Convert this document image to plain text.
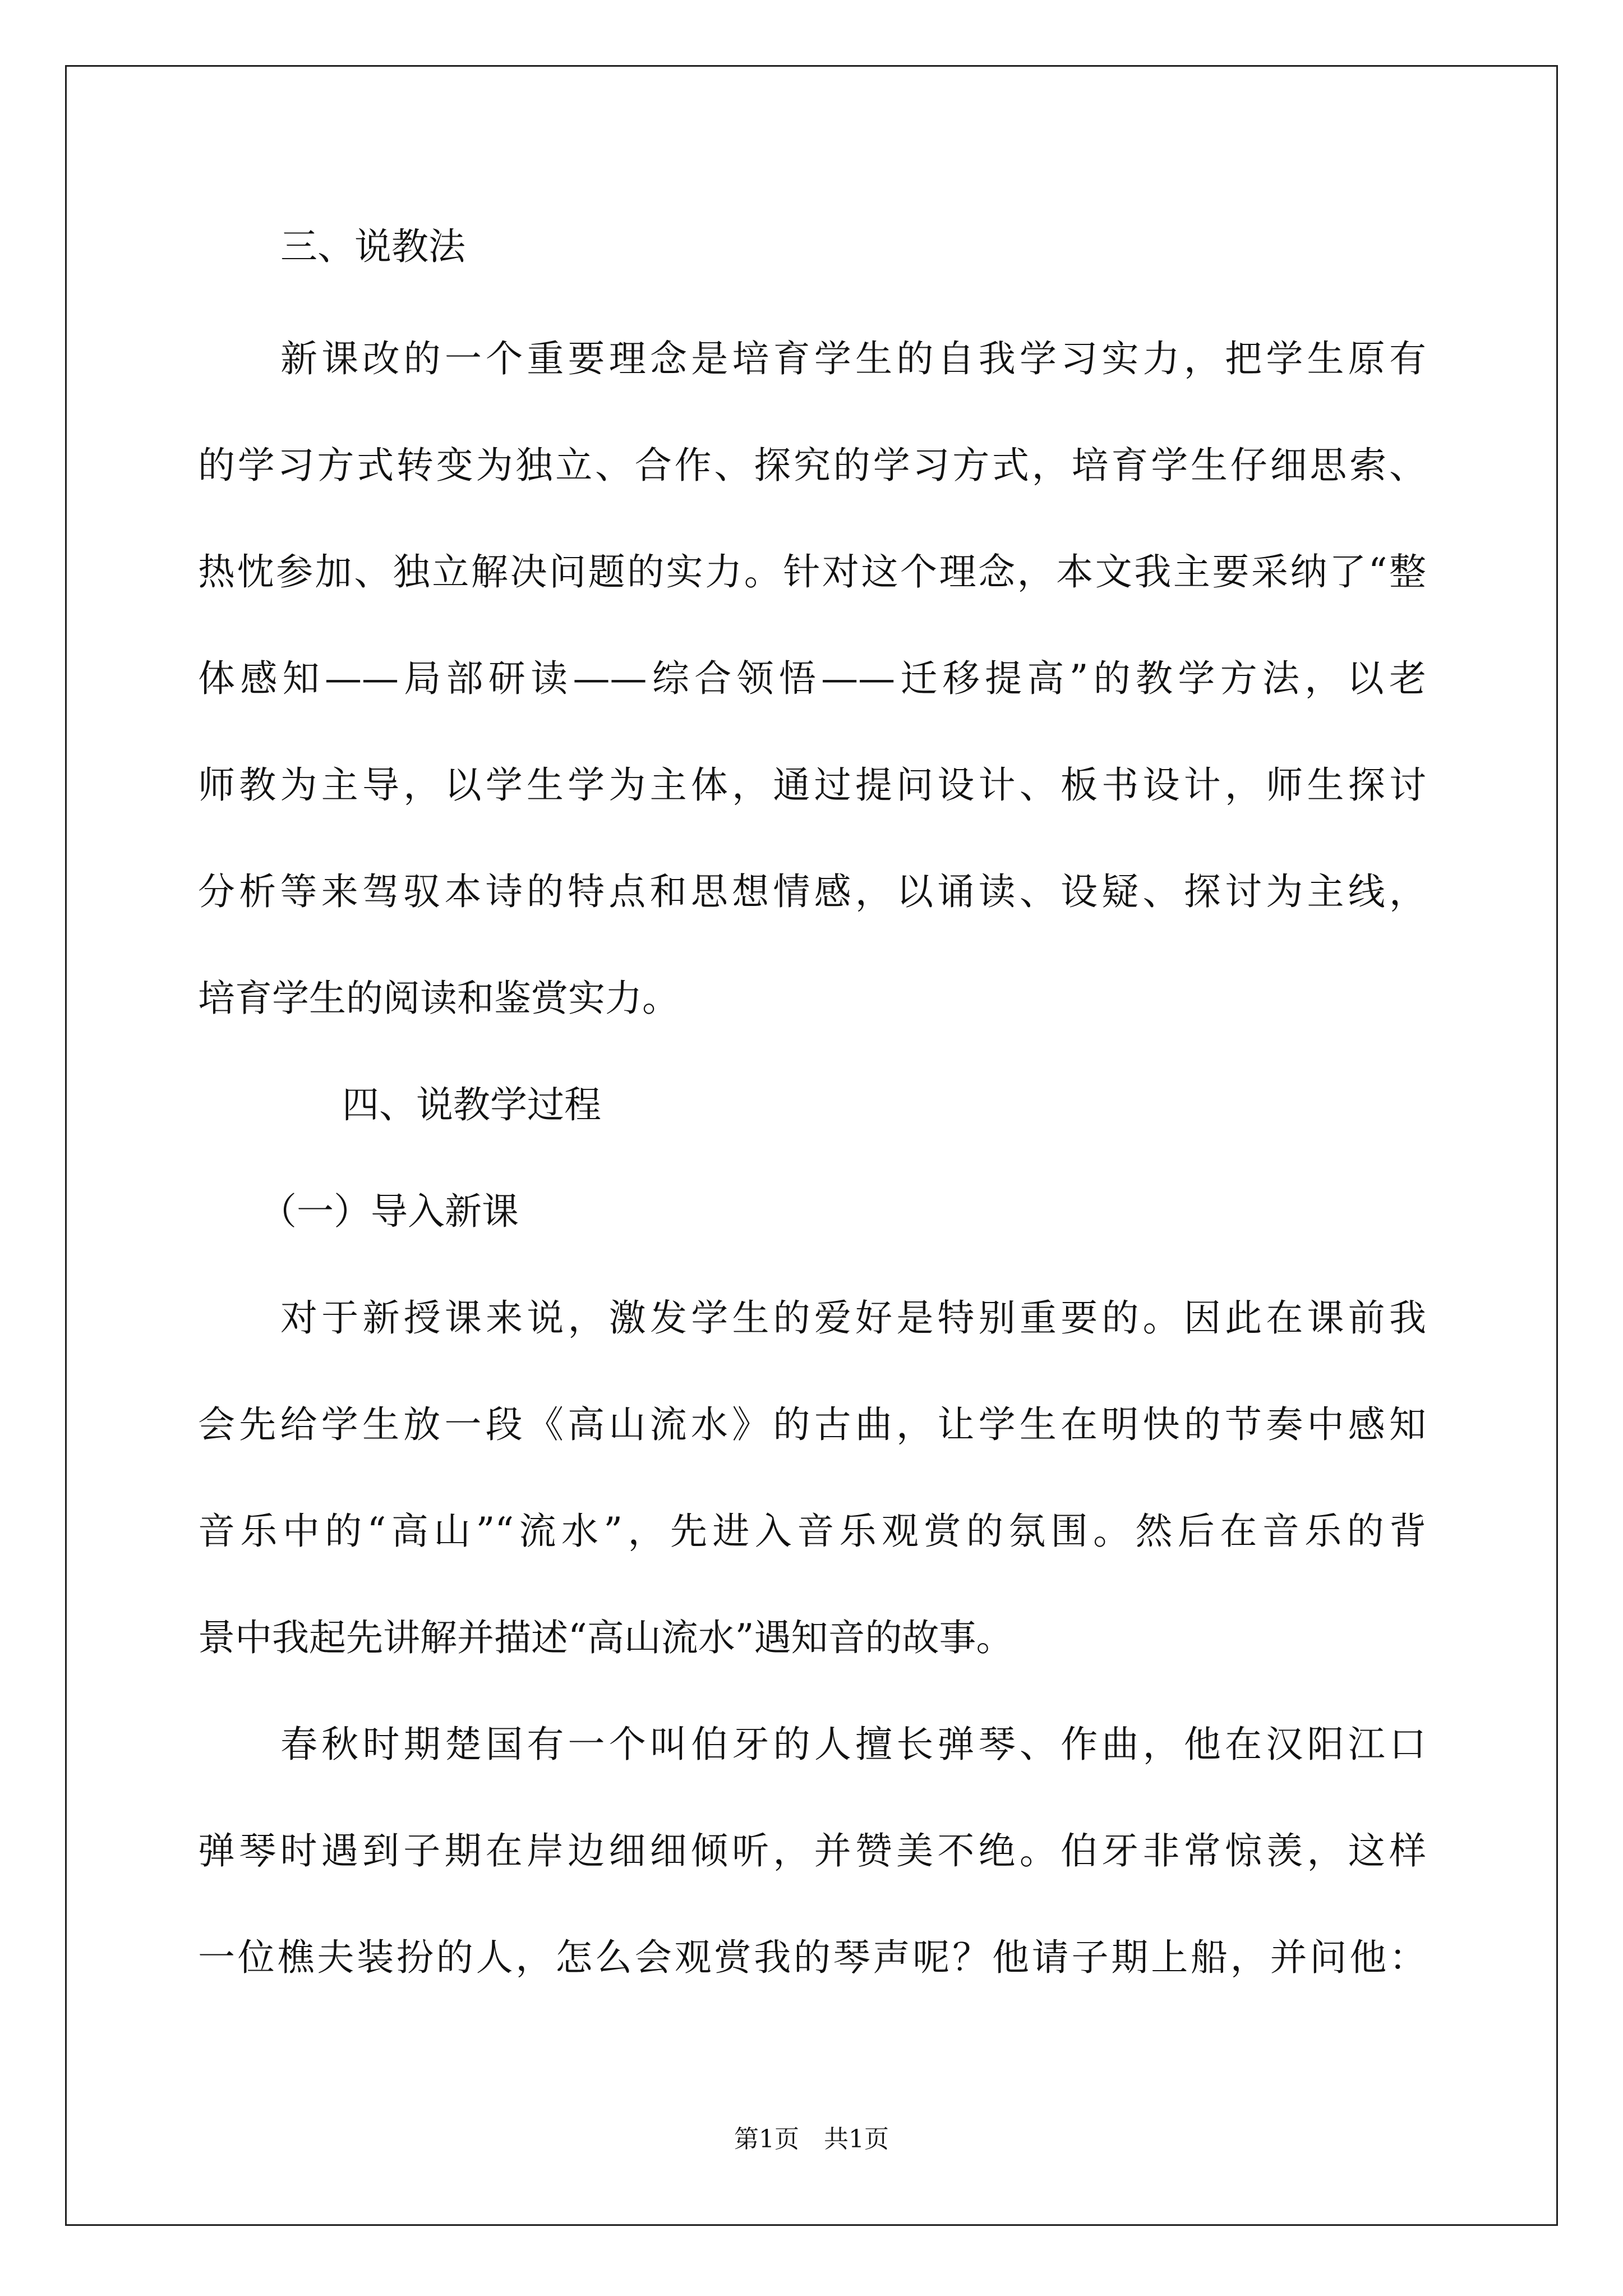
三、说教法
新课改的一个重要理念是培育学生的自我学习实力，把学生原有
的学习方式转变为独立、合作、探究的学习方式，培育学生仔细思索、
热忱参加、独立解决问题的实力。针对这个理念，本文我主要采纳了“整
体感知——局部研读——综合领悟——迁移提高”的教学方法，以老
师教为主导，以学生学为主体，通过提问设计、板书设计，师生探讨
分析等来驾驭本诗的特点和思想情感，以诵读、设疑、探讨为主线，
培育学生的阅读和鉴赏实力。
四、说教学过程
（一）导入新课
对于新授课来说，激发学生的爱好是特别重要的。因此在课前我
会先给学生放一段《高山流水》的古曲，让学生在明快的节奏中感知
音乐中的“高山”“流水”，先进入音乐观赏的氛围。然后在音乐的背
景中我起先讲解并描述“高山流水”遇知音的故事。
春秋时期楚国有一个叫伯牙的人擅长弹琴、作曲，他在汉阳江口
弹琴时遇到子期在岸边细细倾听，并赞美不绝。伯牙非常惊羡，这样
一位樵夫装扮的人，怎么会观赏我的琴声呢？他请子期上船，并问他：
第1页 共1页
